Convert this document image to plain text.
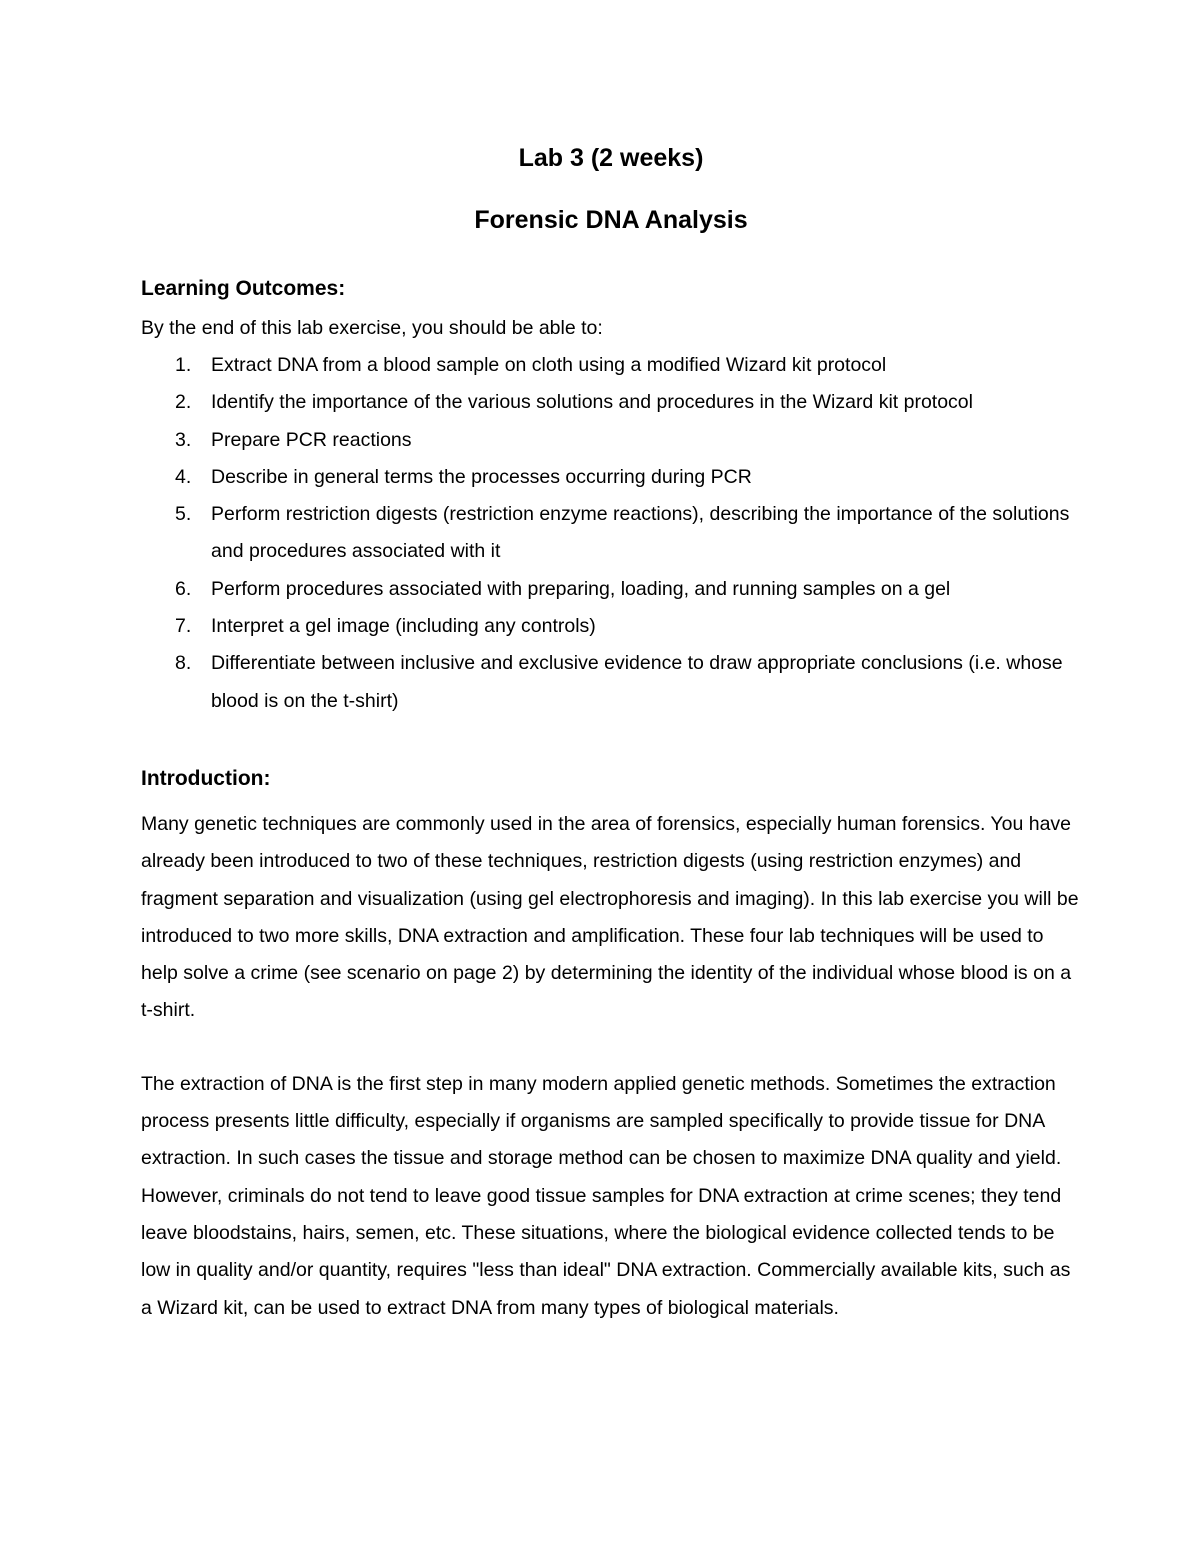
Lab 3 (2 weeks)
Forensic DNA Analysis
Learning Outcomes:

By the end of this lab exercise, you should be able to:

1. Extract DNA from a blood sample on cloth using a modified Wizard kit protocol
2. Identify the importance of the various solutions and procedures in the Wizard kit protocol
3. Prepare PCR reactions
4. Describe in general terms the processes occurring during PCR
5. Perform restriction digests (restriction enzyme reactions), describing the importance of the solutions and procedures associated with it
6. Perform procedures associated with preparing, loading, and running samples on a gel
7. Interpret a gel image (including any controls)
8. Differentiate between inclusive and exclusive evidence to draw appropriate conclusions (i.e. whose blood is on the t-shirt)
Introduction:

Many genetic techniques are commonly used in the area of forensics, especially human forensics. You have already been introduced to two of these techniques, restriction digests (using restriction enzymes) and fragment separation and visualization (using gel electrophoresis and imaging). In this lab exercise you will be introduced to two more skills, DNA extraction and amplification. These four lab techniques will be used to help solve a crime (see scenario on page 2) by determining the identity of the individual whose blood is on a t-shirt.

The extraction of DNA is the first step in many modern applied genetic methods. Sometimes the extraction process presents little difficulty, especially if organisms are sampled specifically to provide tissue for DNA extraction. In such cases the tissue and storage method can be chosen to maximize DNA quality and yield. However, criminals do not tend to leave good tissue samples for DNA extraction at crime scenes; they tend leave bloodstains, hairs, semen, etc. These situations, where the biological evidence collected tends to be low in quality and/or quantity, requires "less than ideal" DNA extraction. Commercially available kits, such as a Wizard kit, can be used to extract DNA from many types of biological materials.
